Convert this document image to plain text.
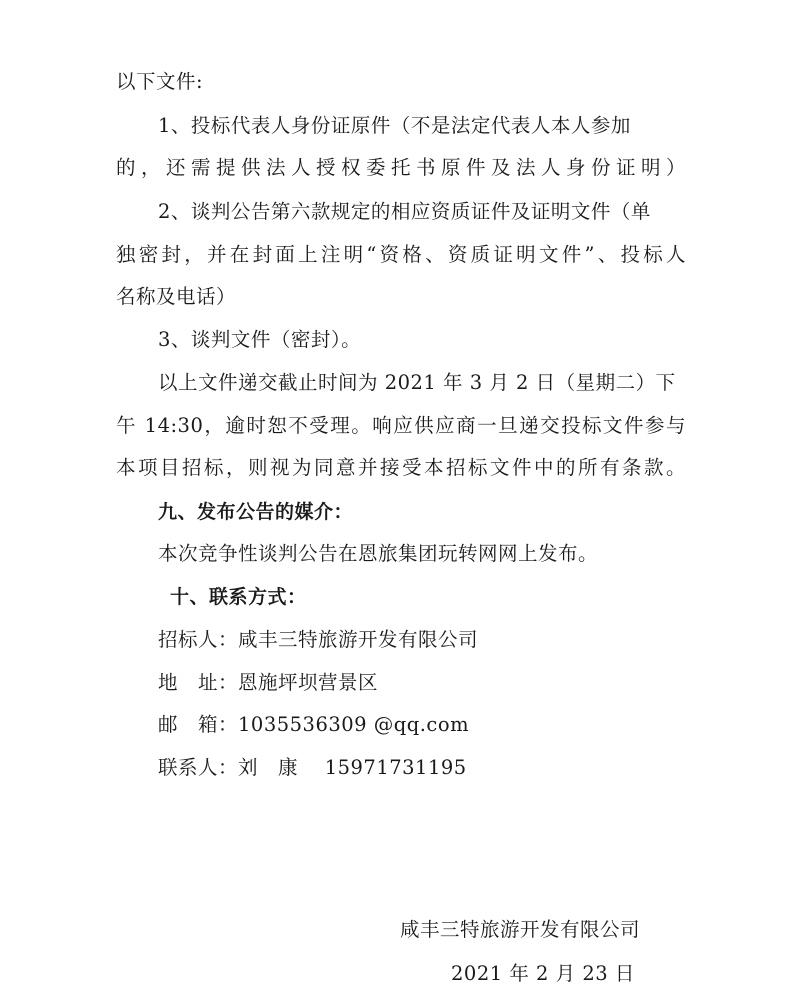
以下文件:
1、投标代表人身份证原件（不是法定代表人本人参加
的，还需提供法人授权委托书原件及法人身份证明）
2、谈判公告第六款规定的相应资质证件及证明文件（单
独密封，并在封面上注明“资格、资质证明文件”、投标人
名称及电话）
3、谈判文件（密封）。
以上文件递交截止时间为 2021 年 3 月 2 日（星期二）下
午 14:30，逾时恕不受理。响应供应商一旦递交投标文件参与
本项目招标，则视为同意并接受本招标文件中的所有条款。
九、发布公告的媒介：
本次竞争性谈判公告在恩旅集团玩转网网上发布。
十、联系方式：
招标人：咸丰三特旅游开发有限公司
地　址：恩施坪坝营景区
邮　箱：1035536309 @qq.com
联系人：刘　康　 15971731195
咸丰三特旅游开发有限公司
2021 年 2 月 23 日
